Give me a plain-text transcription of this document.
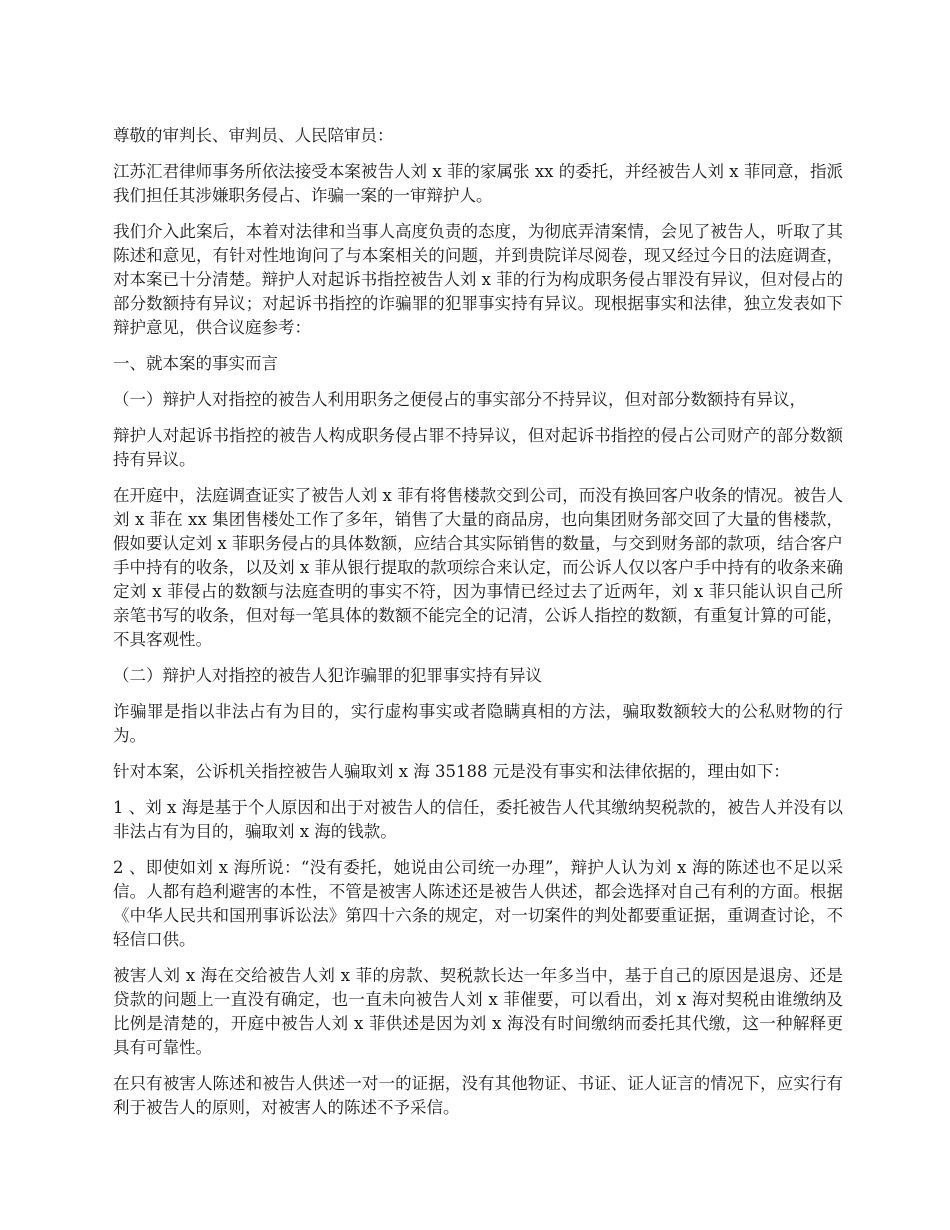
尊敬的审判长、审判员、人民陪审员：

江苏汇君律师事务所依法接受本案被告人刘 x 菲的家属张 xx 的委托，并经被告人刘 x 菲同意，指派我们担任其涉嫌职务侵占、诈骗一案的一审辩护人。

我们介入此案后，本着对法律和当事人高度负责的态度，为彻底弄清案情，会见了被告人，听取了其陈述和意见，有针对性地询问了与本案相关的问题，并到贵院详尽阅卷，现又经过今日的法庭调查，对本案已十分清楚。辩护人对起诉书指控被告人刘 x 菲的行为构成职务侵占罪没有异议，但对侵占的部分数额持有异议；对起诉书指控的诈骗罪的犯罪事实持有异议。现根据事实和法律，独立发表如下辩护意见，供合议庭参考：

一、就本案的事实而言

（一）辩护人对指控的被告人利用职务之便侵占的事实部分不持异议，但对部分数额持有异议，

辩护人对起诉书指控的被告人构成职务侵占罪不持异议，但对起诉书指控的侵占公司财产的部分数额持有异议。

在开庭中，法庭调查证实了被告人刘 x 菲有将售楼款交到公司，而没有换回客户收条的情况。被告人刘 x 菲在 xx 集团售楼处工作了多年，销售了大量的商品房，也向集团财务部交回了大量的售楼款，假如要认定刘 x 菲职务侵占的具体数额，应结合其实际销售的数量，与交到财务部的款项，结合客户手中持有的收条，以及刘 x 菲从银行提取的款项综合来认定，而公诉人仅以客户手中持有的收条来确定刘 x 菲侵占的数额与法庭查明的事实不符，因为事情已经过去了近两年，刘 x 菲只能认识自己所亲笔书写的收条，但对每一笔具体的数额不能完全的记清，公诉人指控的数额，有重复计算的可能，不具客观性。

（二）辩护人对指控的被告人犯诈骗罪的犯罪事实持有异议

诈骗罪是指以非法占有为目的，实行虚构事实或者隐瞒真相的方法，骗取数额较大的公私财物的行为。

针对本案，公诉机关指控被告人骗取刘 x 海 35188 元是没有事实和法律依据的，理由如下：

1 、刘 x 海是基于个人原因和出于对被告人的信任，委托被告人代其缴纳契税款的，被告人并没有以非法占有为目的，骗取刘 x 海的钱款。

2 、即使如刘 x 海所说：“没有委托，她说由公司统一办理”，辩护人认为刘 x 海的陈述也不足以采信。人都有趋利避害的本性，不管是被害人陈述还是被告人供述，都会选择对自己有利的方面。根据《中华人民共和国刑事诉讼法》第四十六条的规定，对一切案件的判处都要重证据，重调查讨论，不轻信口供。

被害人刘 x 海在交给被告人刘 x 菲的房款、契税款长达一年多当中，基于自己的原因是退房、还是贷款的问题上一直没有确定，也一直未向被告人刘 x 菲催要，可以看出，刘 x 海对契税由谁缴纳及比例是清楚的，开庭中被告人刘 x 菲供述是因为刘 x 海没有时间缴纳而委托其代缴，这一种解释更具有可靠性。

在只有被害人陈述和被告人供述一对一的证据，没有其他物证、书证、证人证言的情况下，应实行有利于被告人的原则，对被害人的陈述不予采信。
